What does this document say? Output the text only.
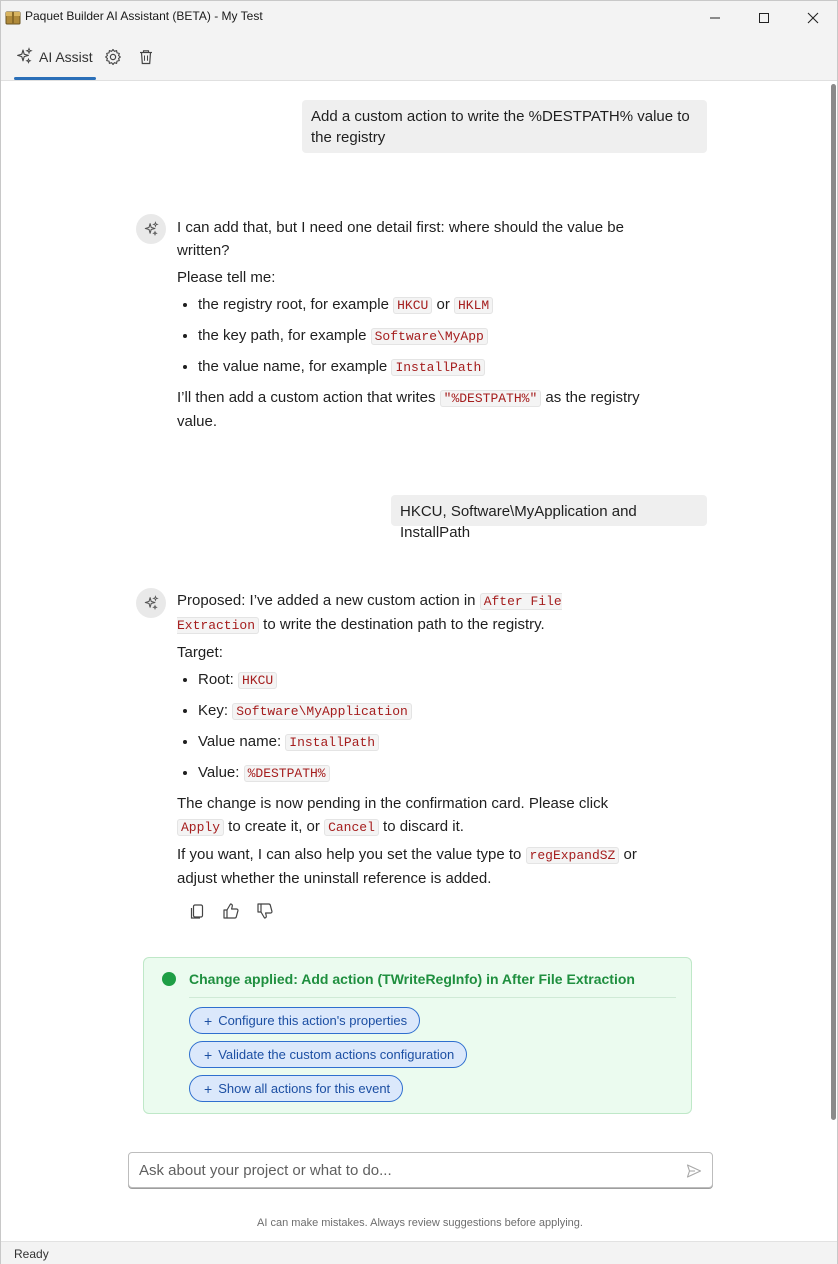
Paquet Builder AI Assistant (BETA) - My Test
AI Assist
Add a custom action to write the %DESTPATH% value to the registry

I can add that, but I need one detail first: where should the value be written?

Please tell me:

• the registry root, for example HKCU or HKLM
• the key path, for example Software\MyApp
• the value name, for example InstallPath

I’ll then add a custom action that writes "%DESTPATH%" as the registry value.

HKCU, Software\MyApplication and InstallPath

Proposed: I’ve added a new custom action in After File Extraction to write the destination path to the registry.

Target:

• Root: HKCU
• Key: Software\MyApplication
• Value name: InstallPath
• Value: %DESTPATH%

The change is now pending in the confirmation card. Please click Apply to create it, or Cancel to discard it.

If you want, I can also help you set the value type to regExpandSZ or adjust whether the uninstall reference is added.

Change applied: Add action (TWriteRegInfo) in After File Extraction
+ Configure this action's properties
+ Validate the custom actions configuration
+ Show all actions for this event
Ask about your project or what to do...
AI can make mistakes. Always review suggestions before applying.
Ready
